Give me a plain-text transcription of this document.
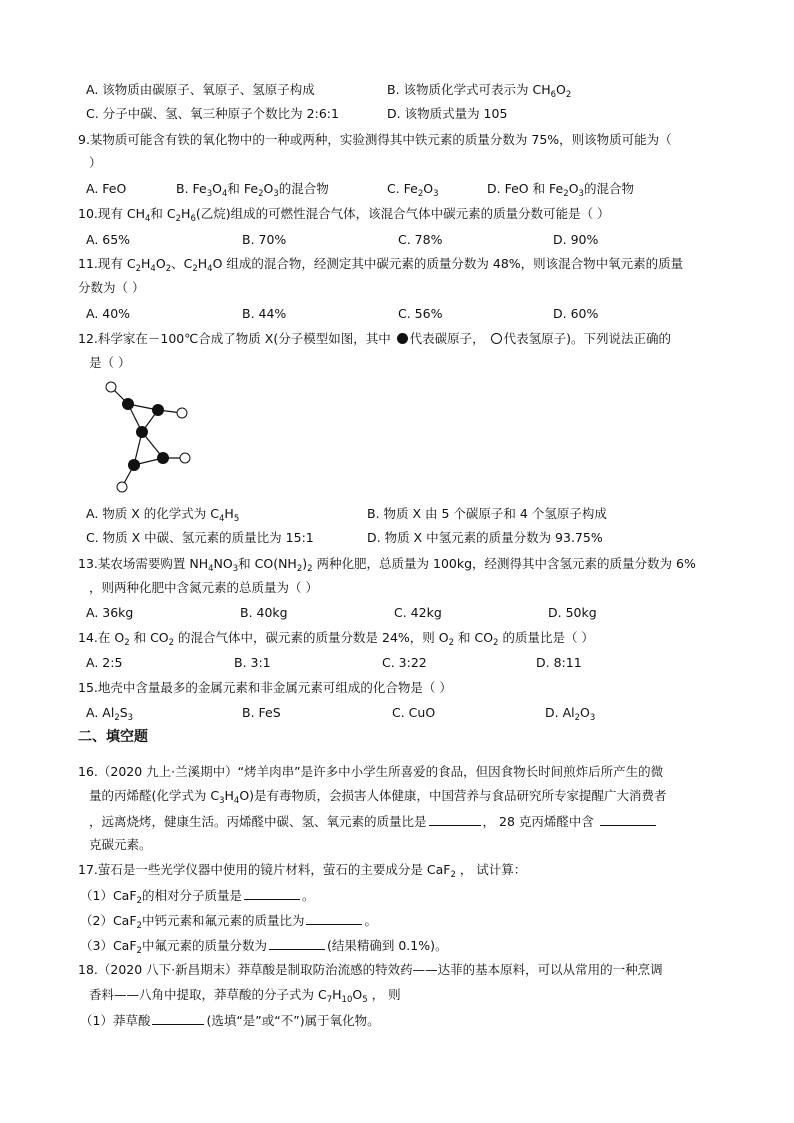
A. 该物质由碳原子、氧原子、氢原子构成	B. 该物质化学式可表示为 $CH_6O_2$
C. 分子中碳、氢、氧三种原子个数比为 2:6:1	D. 该物质式量为 105
9.某物质可能含有铁的氧化物中的一种或两种，实验测得其中铁元素的质量分数为 75%，则该物质可能为（
）
A. FeO	B. $Fe_3O_4$和 $Fe_2O_3$的混合物	C. $Fe_2O_3$	D. FeO 和 $Fe_2O_3$的混合物
10.现有 $CH_4$和 $C_2H_6$(乙烷)组成的可燃性混合气体，该混合气体中碳元素的质量分数可能是（ ）
A. 65%	B. 70%	C. 78%	D. 90%
11.现有 $C_2H_4O_2$、$C_2H_4O$ 组成的混合物，经测定其中碳元素的质量分数为 48%，则该混合物中氧元素的质量
分数为（ ）
A. 40%	B. 44%	C. 56%	D. 60%
12.科学家在－100℃合成了物质 X(分子模型如图，其中 代表碳原子， 代表氢原子)。下列说法正确的
是（ ）
A. 物质 X 的化学式为 $C_4H_5$	B. 物质 X 由 5 个碳原子和 4 个氢原子构成
C. 物质 X 中碳、氢元素的质量比为 15:1	D. 物质 X 中氢元素的质量分数为 93.75%
13.某农场需要购置 $NH_4NO_3$和 $CO(NH_2)_2$ 两种化肥，总质量为 100kg，经测得其中含氢元素的质量分数为 6%
，则两种化肥中含氮元素的总质量为（ ）
A. 36kg	B. 40kg	C. 42kg	D. 50kg
14.在 $O_2$ 和 $CO_2$ 的混合气体中，碳元素的质量分数是 24%，则 $O_2$ 和 $CO_2$ 的质量比是（ ）
A. 2:5	B. 3:1	C. 3:22	D. 8:11
15.地壳中含量最多的金属元素和非金属元素可组成的化合物是（ ）
A. $Al_2S_3$	B. FeS	C. CuO	D. $Al_2O_3$
二、填空题
16.（2020 九上·兰溪期中）“烤羊肉串”是许多中小学生所喜爱的食品，但因食物长时间煎炸后所产生的微
量的丙烯醛(化学式为 $C_3H_4O$)是有毒物质，会损害人体健康，中国营养与食品研究所专家提醒广大消费者
，远离烧烤，健康生活。丙烯醛中碳、氢、氧元素的质量比是	， 28 克丙烯醛中含
克碳元素。
17.萤石是一些光学仪器中使用的镜片材料，萤石的主要成分是 CaF$_2$ ， 试计算：
（1）CaF$_2$的相对分子质量是	。
（2）CaF$_2$中钙元素和氟元素的质量比为	。
（3）CaF$_2$中氟元素的质量分数为	(结果精确到 0.1%)。
18.（2020 八下·新昌期末）莽草酸是制取防治流感的特效药——达菲的基本原料，可以从常用的一种烹调
香料——八角中提取，莽草酸的分子式为 $C_7H_{10}O_5$ ， 则
（1）莽草酸	(选填“是”或“不”)属于氧化物。
